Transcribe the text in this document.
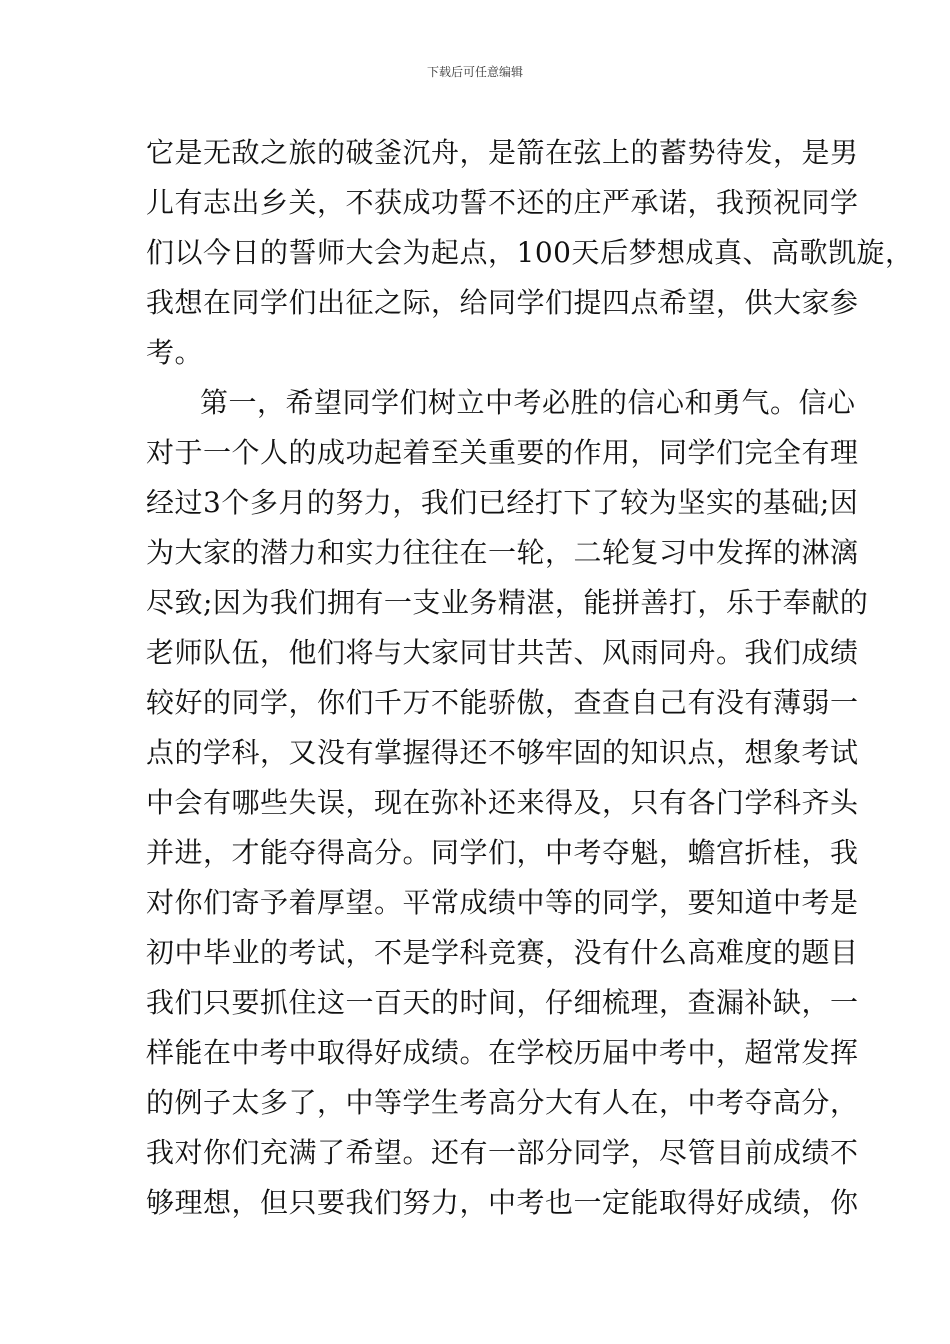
下载后可任意编辑
它是无敌之旅的破釜沉舟，是箭在弦上的蓄势待发，是男
儿有志出乡关，不获成功誓不还的庄严承诺，我预祝同学
们以今日的誓师大会为起点，100天后梦想成真、高歌凯旋，
我想在同学们出征之际，给同学们提四点希望，供大家参
考。
第一，希望同学们树立中考必胜的信心和勇气。信心
对于一个人的成功起着至关重要的作用，同学们完全有理
经过3个多月的努力，我们已经打下了较为坚实的基础;因
为大家的潜力和实力往往在一轮，二轮复习中发挥的淋漓
尽致;因为我们拥有一支业务精湛，能拼善打，乐于奉献的
老师队伍，他们将与大家同甘共苦、风雨同舟。我们成绩
较好的同学，你们千万不能骄傲，查查自己有没有薄弱一
点的学科，又没有掌握得还不够牢固的知识点，想象考试
中会有哪些失误，现在弥补还来得及，只有各门学科齐头
并进，才能夺得高分。同学们，中考夺魁，蟾宫折桂，我
对你们寄予着厚望。平常成绩中等的同学，要知道中考是
初中毕业的考试，不是学科竞赛，没有什么高难度的题目
我们只要抓住这一百天的时间，仔细梳理，查漏补缺，一
样能在中考中取得好成绩。在学校历届中考中，超常发挥
的例子太多了，中等学生考高分大有人在，中考夺高分，
我对你们充满了希望。还有一部分同学，尽管目前成绩不
够理想，但只要我们努力，中考也一定能取得好成绩，你
